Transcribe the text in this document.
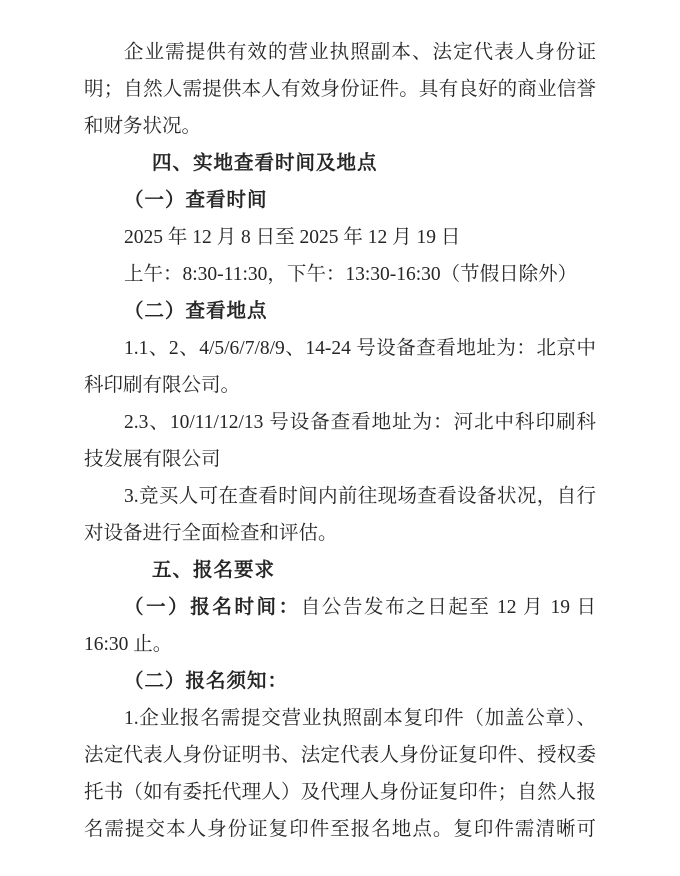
企业需提供有效的营业执照副本、法定代表人身份证明；自然人需提供本人有效身份证件。具有良好的商业信誉和财务状况。

四、实地查看时间及地点

（一）查看时间

2025 年 12 月 8 日至 2025 年 12 月 19 日

上午：8:30-11:30，下午：13:30-16:30（节假日除外）

（二）查看地点

1.1、2、4/5/6/7/8/9、14-24 号设备查看地址为：北京中科印刷有限公司。

2.3、10/11/12/13 号设备查看地址为：河北中科印刷科技发展有限公司

3.竞买人可在查看时间内前往现场查看设备状况，自行对设备进行全面检查和评估。

五、报名要求

（一）报名时间：自公告发布之日起至 12 月 19 日 16:30 止。

（二）报名须知：

1.企业报名需提交营业执照副本复印件（加盖公章）、法定代表人身份证明书、法定代表人身份证复印件、授权委托书（如有委托代理人）及代理人身份证复印件；自然人报名需提交本人身份证复印件至报名地点。复印件需清晰可
